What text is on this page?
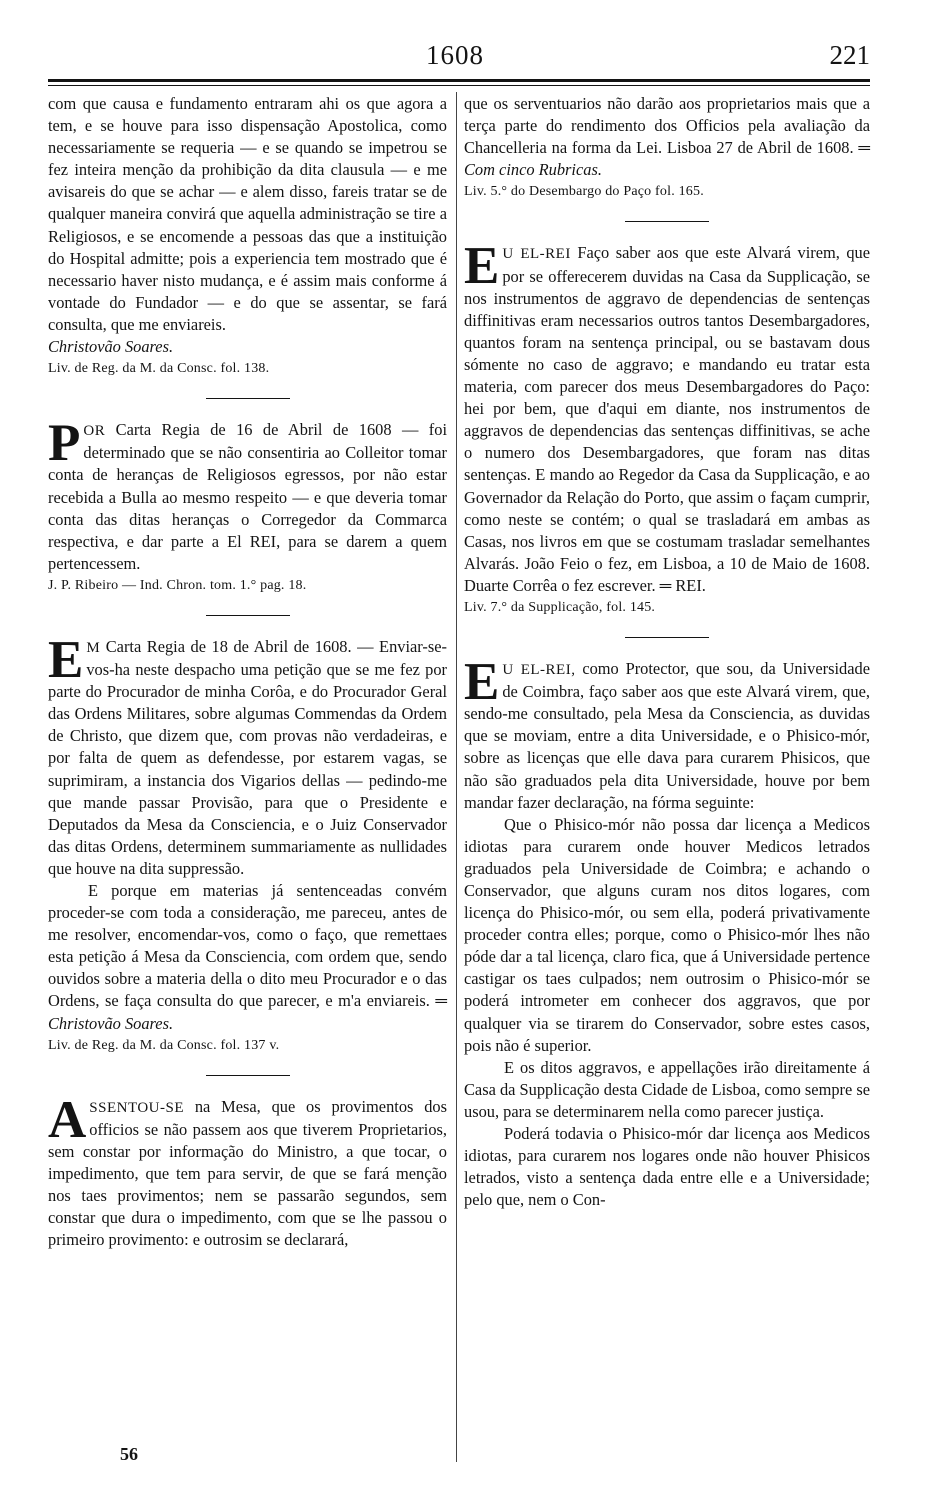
1608	221

com que causa e fundamento entraram ahi os que agora a tem, e se houve para isso dispensação Apostolica, como necessariamente se requeria — e se quando se impetrou se fez inteira menção da prohibição da dita clausula — e me avisareis do que se achar — e alem disso, fareis tratar se de qualquer maneira convirá que aquella administração se tire a Religiosos, e se encomende a pessoas das que a instituição do Hospital admitte; pois a experiencia tem mostrado que é necessario haver nisto mudança, e é assim mais conforme á vontade do Fundador — e do que se assentar, se fará consulta, que me enviareis.

Christovão Soares.

Liv. de Reg. da M. da Consc. fol. 138.

POR Carta Regia de 16 de Abril de 1608 — foi determinado que se não consentiria ao Colleitor tomar conta de heranças de Religiosos egressos, por não estar recebida a Bulla ao mesmo respeito — e que deveria tomar conta das ditas heranças o Corregedor da Commarca respectiva, e dar parte a El REI, para se darem a quem pertencessem.

J. P. Ribeiro — Ind. Chron. tom. 1.° pag. 18.

E M Carta Regia de 18 de Abril de 1608. — Enviar-se-vos-ha neste despacho uma petição que se me fez por parte do Procurador de minha Corôa, e do Procurador Geral das Ordens Militares, sobre algumas Commendas da Ordem de Christo, que dizem que, com provas não verdadeiras, e por falta de quem as defendesse, por estarem vagas, se suprimiram, a instancia dos Vigarios dellas — pedindo-me que mande passar Provisão, para que o Presidente e Deputados da Mesa da Consciencia, e o Juiz Conservador das ditas Ordens, determinem summariamente as nullidades que houve na dita suppressão.

E porque em materias já sentenceadas convém proceder-se com toda a consideração, me pareceu, antes de me resolver, encomendar-vos, como o faço, que remettaes esta petição á Mesa da Consciencia, com ordem que, sendo ouvidos sobre a materia della o dito meu Procurador e o das Ordens, se faça consulta do que parecer, e m'a enviareis. ═ Christovão Soares.

Liv. de Reg. da M. da Consc. fol. 137 v.

ASSENTOU-SE na Mesa, que os provimentos dos officios se não passem aos que tiverem Proprietarios, sem constar por informação do Ministro, a que tocar, o impedimento, que tem para servir, de que se fará menção nos taes provimentos; nem se passarão segundos, sem constar que dura o impedimento, com que se lhe passou o primeiro provimento: e outrosim se declarará,

que os serventuarios não darão aos proprietarios mais que a terça parte do rendimento dos Officios pela avaliação da Chancelleria na forma da Lei. Lisboa 27 de Abril de 1608. ═ Com cinco Rubricas.

Liv. 5.° do Desembargo do Paço fol. 165.

E U EL-REI Faço saber aos que este Alvará virem, que por se offerecerem duvidas na Casa da Supplicação, se nos instrumentos de aggravo de dependencias de sentenças diffinitivas eram necessarios outros tantos Desembargadores, quantos foram na sentença principal, ou se bastavam dous sómente no caso de aggravo; e mandando eu tratar esta materia, com parecer dos meus Desembargadores do Paço: hei por bem, que d'aqui em diante, nos instrumentos de aggravos de dependencias das sentenças diffinitivas, se ache o numero dos Desembargadores, que foram nas ditas sentenças. E mando ao Regedor da Casa da Supplicação, e ao Governador da Relação do Porto, que assim o façam cumprir, como neste se contém; o qual se trasladará em ambas as Casas, nos livros em que se costumam trasladar semelhantes Alvarás. João Feio o fez, em Lisboa, a 10 de Maio de 1608. Duarte Corrêa o fez escrever. ═ REI.

Liv. 7.° da Supplicação, fol. 145.

E U EL-REI, como Protector, que sou, da Universidade de Coimbra, faço saber aos que este Alvará virem, que, sendo-me consultado, pela Mesa da Consciencia, as duvidas que se moviam, entre a dita Universidade, e o Phisico-mór, sobre as licenças que elle dava para curarem Phisicos, que não são graduados pela dita Universidade, houve por bem mandar fazer declaração, na fórma seguinte:

Que o Phisico-mór não possa dar licença a Medicos idiotas para curarem onde houver Medicos letrados graduados pela Universidade de Coimbra; e achando o Conservador, que alguns curam nos ditos logares, com licença do Phisico-mór, ou sem ella, poderá privativamente proceder contra elles; porque, como o Phisico-mór lhes não póde dar a tal licença, claro fica, que á Universidade pertence castigar os taes culpados; nem outrosim o Phisico-mór se poderá intrometer em conhecer dos aggravos, que por qualquer via se tirarem do Conservador, sobre estes casos, pois não é superior.

E os ditos aggravos, e appellações irão direitamente á Casa da Supplicação desta Cidade de Lisboa, como sempre se usou, para se determinarem nella como parecer justiça.

Poderá todavia o Phisico-mór dar licença aos Medicos idiotas, para curarem nos logares onde não houver Phisicos letrados, visto a sentença dada entre elle e a Universidade; pelo que, nem o Con-

56
